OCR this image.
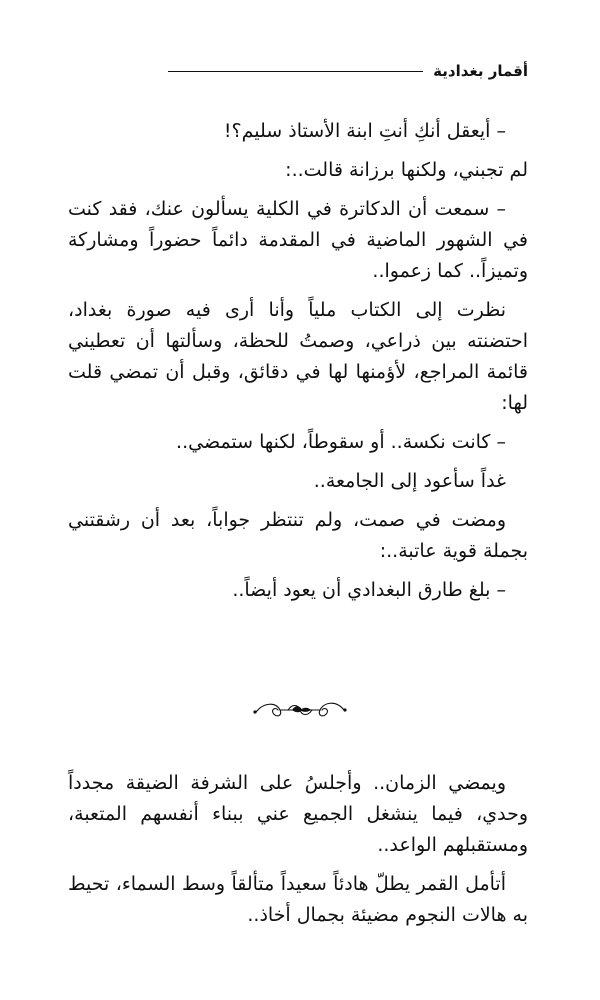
أقمار بغدادية

– أيعقل أنكِ أنتِ ابنة الأستاذ سليم؟!

لم تجبني، ولكنها برزانة قالت..:

– سمعت أن الدكاترة في الكلية يسألون عنك، فقد كنت في الشهور الماضية في المقدمة دائماً حضوراً ومشاركة وتميزاً.. كما زعموا..

نظرت إلى الكتاب ملياً وأنا أرى فيه صورة بغداد، احتضنته بين ذراعي، وصمتُ للحظة، وسألتها أن تعطيني قائمة المراجع، لأؤمنها لها في دقائق، وقبل أن تمضي قلت لها:

– كانت نكسة.. أو سقوطاً، لكنها ستمضي..

غداً سأعود إلى الجامعة..

ومضت في صمت، ولم تنتظر جواباً، بعد أن رشقتني بجملة قوية عاتبة..:

– بلغ طارق البغدادي أن يعود أيضاً..

ويمضي الزمان.. وأجلسُ على الشرفة الضيقة مجدداً وحدي، فيما ينشغل الجميع عني ببناء أنفسهم المتعبة، ومستقبلهم الواعد..

أتأمل القمر يطلّ هادئاً سعيداً متألقاً وسط السماء، تحيط به هالات النجوم مضيئة بجمال أخاذ..
